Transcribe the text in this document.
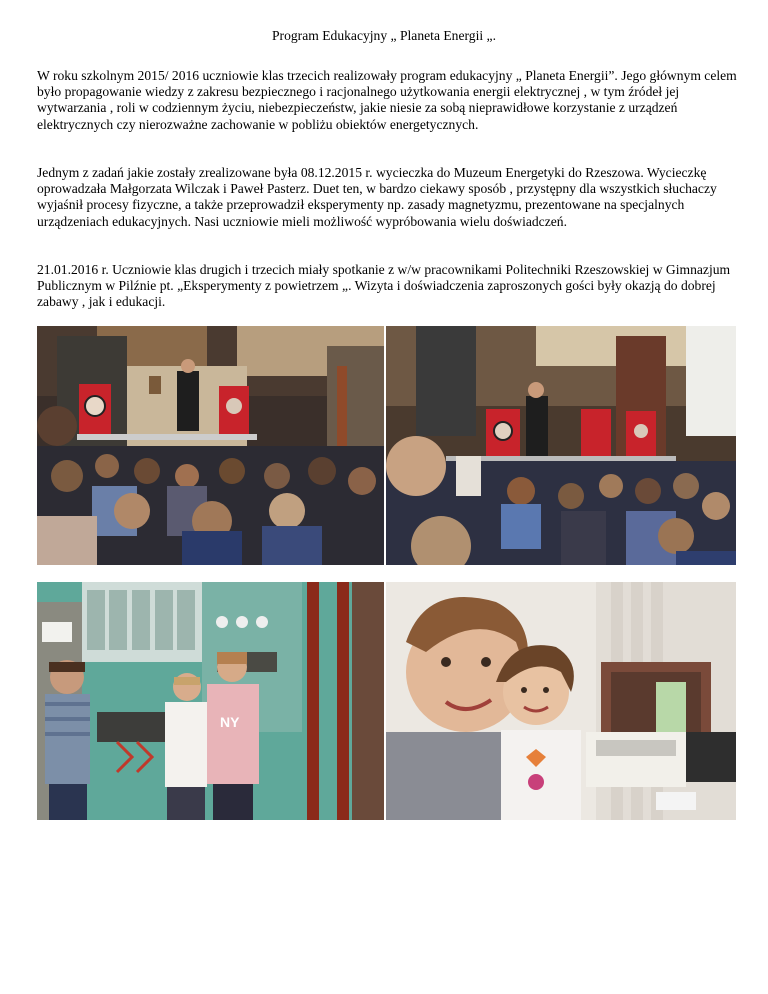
Program Edukacyjny „ Planeta Energii „.

W roku szkolnym 2015/ 2016 uczniowie klas trzecich realizowały program edukacyjny „ Planeta Energii”. Jego głównym celem było propagowanie wiedzy z zakresu bezpiecznego i racjonalnego użytkowania energii elektrycznej , w tym źródeł jej wytwarzania , roli w codziennym życiu, niebezpieczeństw, jakie niesie za sobą nieprawidłowe korzystanie z urządzeń elektrycznych czy nierozważne zachowanie w pobliżu obiektów energetycznych.

Jednym z zadań jakie zostały zrealizowane była 08.12.2015 r. wycieczka do Muzeum Energetyki do Rzeszowa. Wycieczkę oprowadzała Małgorzata Wilczak i Paweł Pasterz. Duet ten, w bardzo ciekawy sposób , przystępny dla wszystkich słuchaczy wyjaśnił procesy fizyczne, a także przeprowadził eksperymenty np. zasady magnetyzmu, prezentowane na specjalnych urządzeniach edukacyjnych. Nasi uczniowie mieli możliwość wypróbowania wielu doświadczeń.

21.01.2016 r. Uczniowie klas drugich i trzecich miały spotkanie z w/w pracownikami Politechniki Rzeszowskiej w Gimnazjum Publicznym w Pilźnie pt. „Eksperymenty z powietrzem „. Wizyta i doświadczenia zaproszonych gości były okazją do dobrej zabawy , jak i edukacji.

NY
